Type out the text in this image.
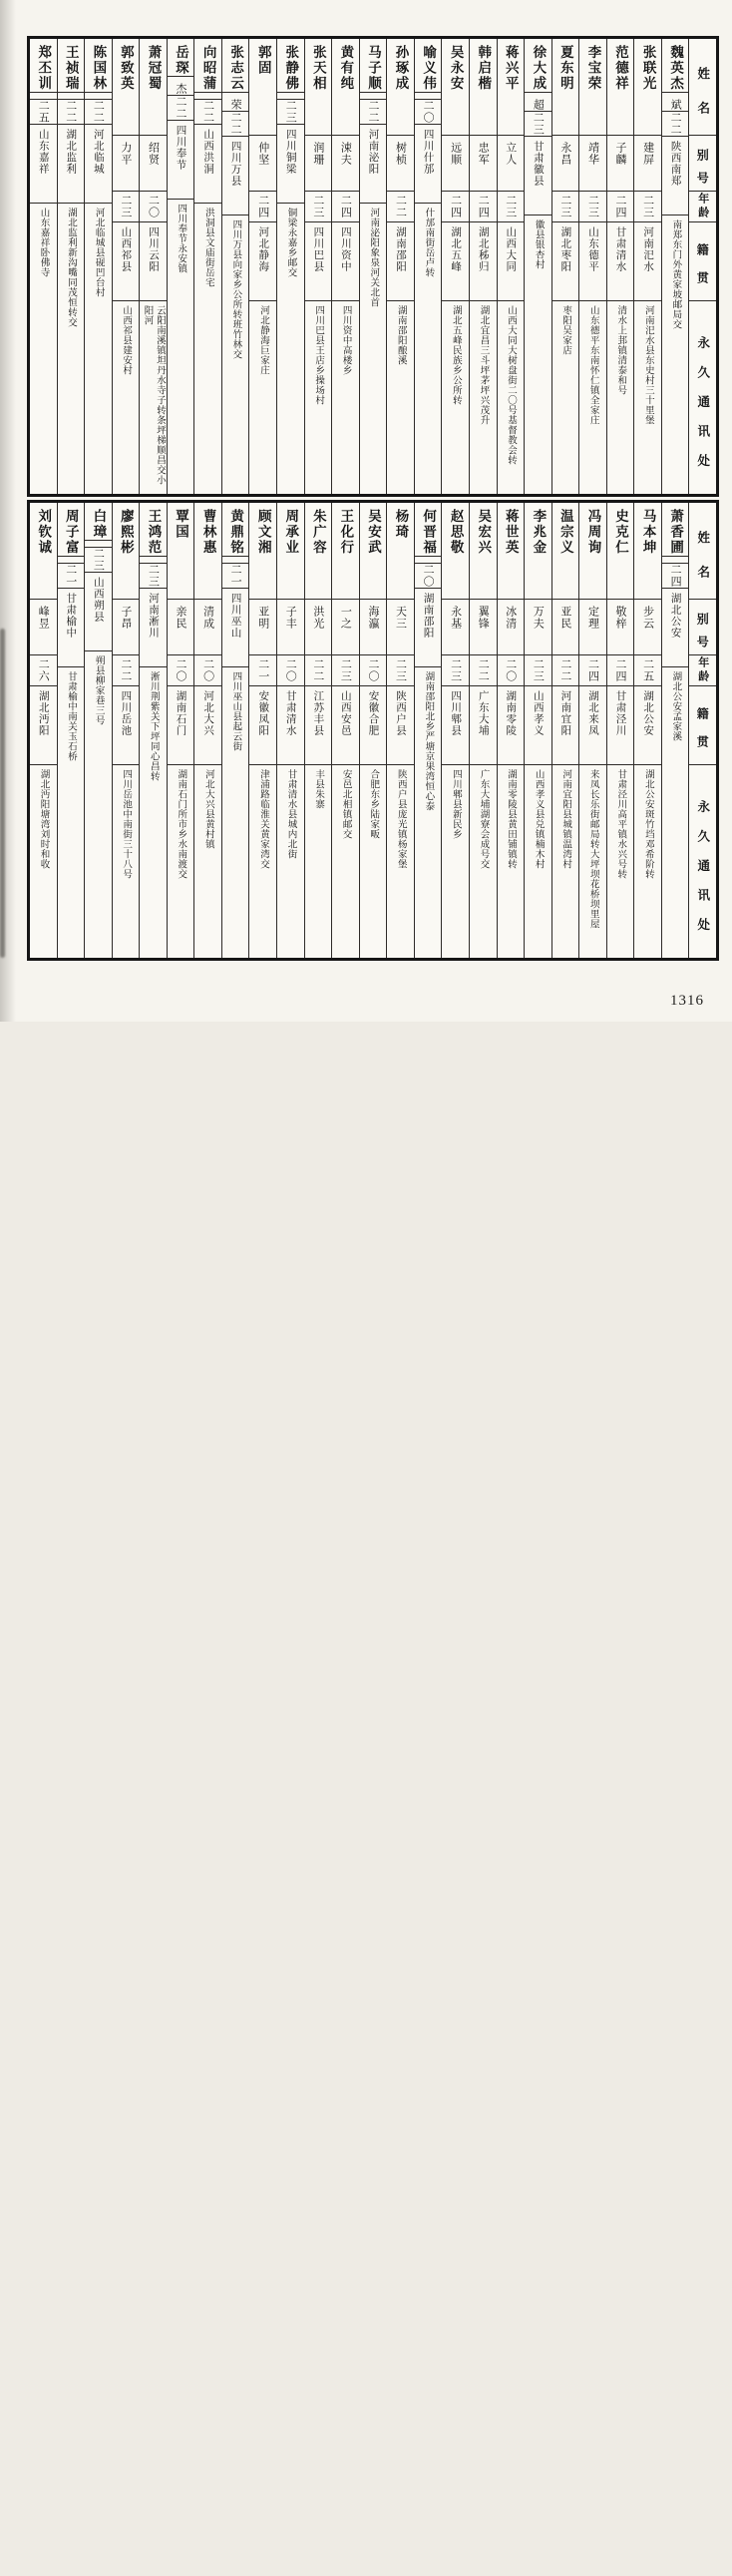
姓名
别号
年龄
籍贯
永久通讯处
魏英杰
斌
二二
陕西南郑
南郑东门外黄家坡邮局交
张联光
建屏
二三
河南汜水
河南汜水县东史村三十里堡
范德祥
子麟
二四
甘肃清水
清水上邽镇清泰和号
李宝荣
靖华
二三
山东德平
山东德平东南怀仁镇全家庄
夏东明
永昌
二三
湖北枣阳
枣阳吴家店
徐大成
超
二三
甘肃徽县
徽县银杏村
蒋兴平
立人
二三
山西大同
山西大同大树盘街二〇号基督教会转
韩启楷
忠军
二四
湖北秭归
湖北宜昌三斗坪茅坪兴茂升
吴永安
远顺
二四
湖北五峰
湖北五峰民族乡公所转
喻义伟
二〇
四川什邡
什邡南街岳卢转
孙琢成
树桢
二二
湖南邵阳
湖南邵阳酿溪
马子顺
二二
河南泌阳
河南泌阳象泉河关北首
黄有纯
涑夫
二四
四川资中
四川资中高楼乡
张天相
润珊
二三
四川巴县
四川巴县王店乡操场村
张静佛
二三
四川铜梁
铜梁永嘉乡邮交
郭固
仲坚
二四
河北静海
河北静海巨家庄
张志云
荣
二二
四川万县
四川万县向家乡公所转班竹林交
向昭蒲
二二
山西洪洞
洪洞县文庙街岳宅
岳琛
杰
二二
四川奉节
四川奉节永安镇
萧冠蜀
绍贤
二〇
四川云阳
云阳南溪镇坦丹水寺子转条坪梯顺昌交小阳河
郭致英
力平
二三
山西祁县
山西祁县建安村
陈国林
二二
河北临城
河北临城县砚凹台村
王祯瑞
二二
湖北监利
湖北监利新沟嘴同茂恒转交
郑丕训
二五
山东嘉祥
山东嘉祥卧佛寺
姓名
别号
年龄
籍贯
永久通讯处
萧香圃
二四
湖北公安
湖北公安孟家溪
马本坤
步云
二五
湖北公安
湖北公安斑竹垱邓希阶转
史克仁
敬梓
二四
甘肃泾川
甘肃泾川高平镇水兴号转
冯周询
定理
二四
湖北来凤
来凤长乐街邮局转大坪坝花桥坝里屋
温宗义
亚民
二二
河南宜阳
河南宜阳县城镇温湾村
李兆金
万夫
二三
山西孝义
山西孝义县兑镇楠木村
蒋世英
冰清
二〇
湖南零陵
湖南零陵县黄田铺镇转
吴宏兴
翼锋
二二
广东大埔
广东大埔湖寮会成号交
赵思敬
永基
二三
四川郫县
四川郫县新民乡
何晋福
二〇
湖南邵阳
湖南邵阳北乡严塘京果湾恒心泰
杨琦
天三
二三
陕西户县
陕西户县庞光镇杨家堡
吴安武
海瀛
二〇
安徽合肥
合肥东乡陆家畈
王化行
一之
二三
山西安邑
安邑北相镇邮交
朱广容
洪光
二二
江苏丰县
丰县朱寨
周承业
子丰
二〇
甘肃清水
甘肃清水县城内北街
顾文湘
亚明
二一
安徽凤阳
津浦路临淮关黄家湾交
黄鼎铭
二一
四川巫山
四川巫山县起云街
曹林惠
清成
二〇
河北大兴
河北大兴县黄村镇
覃国
亲民
二〇
湖南石门
湖南石门所市乡水南渡交
王鸿范
二三
河南淅川
淅川荆紫关下坪同心昌转
廖熙彬
子昂
二二
四川岳池
四川岳池中南街三十八号
白璋
二三
山西朔县
朔县柳家巷三号
周子富
二一
甘肃榆中
甘肃榆中南关玉石桥
刘钦诚
峰昱
二六
湖北沔阳
湖北沔阳塘湾刘时和收
1316
